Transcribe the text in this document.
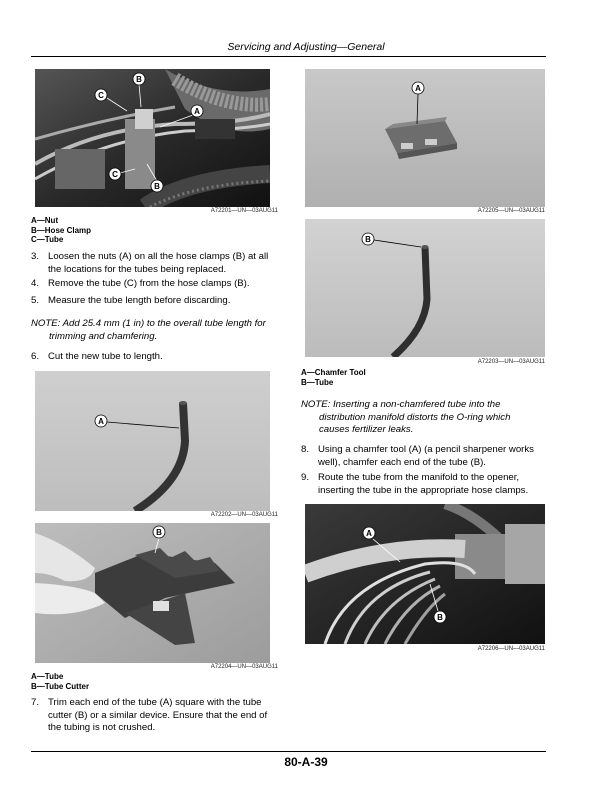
Servicing and Adjusting—General
B
C
A
C
B
A72201—UN—03AUG11
A—Nut
B—Hose Clamp
C—Tube
3. Loosen the nuts (A) on all the hose clamps (B) at all
the locations for the tubes being replaced.
4. Remove the tube (C) from the hose clamps (B).
5. Measure the tube length before discarding.
NOTE: Add 25.4 mm (1 in) to the overall tube length for
trimming and chamfering.
6. Cut the new tube to length.
A
A72202—UN—03AUG11
B
A72204—UN—03AUG11
A—Tube
B—Tube Cutter
7. Trim each end of the tube (A) square with the tube
cutter (B) or a similar device. Ensure that the end of
the tubing is not crushed.
A
A72205—UN—03AUG11
B
A72203—UN—03AUG11
A—Chamfer Tool
B—Tube
NOTE: Inserting a non-chamfered tube into the
distribution manifold distorts the O-ring which
causes fertilizer leaks.
8. Using a chamfer tool (A) (a pencil sharpener works
well), chamfer each end of the tube (B).
9. Route the tube from the manifold to the opener,
inserting the tube in the appropriate hose clamps.
A
B
A72206—UN—03AUG11
80-A-39
